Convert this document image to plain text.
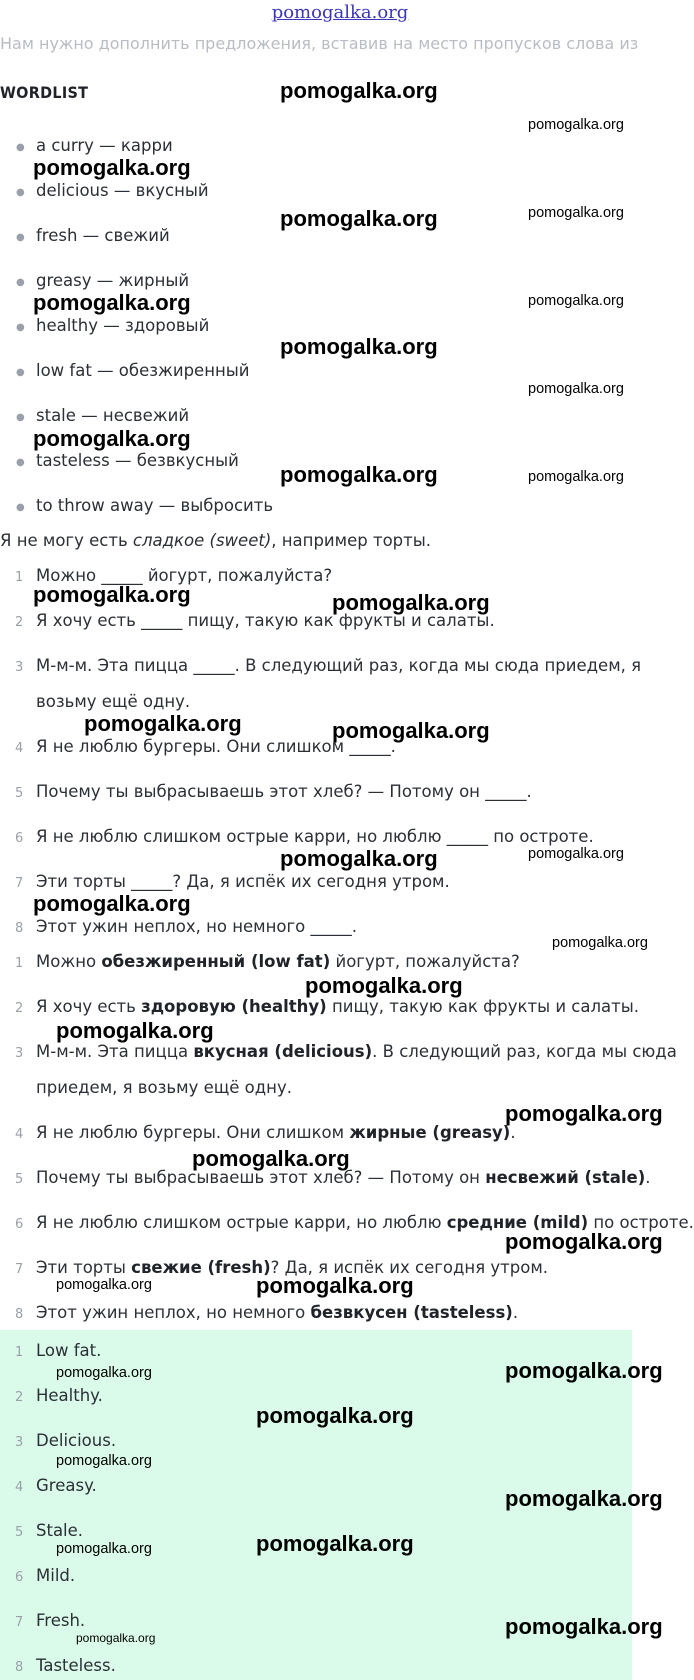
pomogalka.org
Нам нужно дополнить предложения, вставив на место пропусков слова из
WORDLIST
● a curry — карри
● delicious — вкусный
● fresh — свежий
● greasy — жирный
● healthy — здоровый
● low fat — обезжиренный
● stale — несвежий
● tasteless — безвкусный
● to throw away — выбросить
Я не могу есть сладкое (sweet), например торты.
1 Можно _____ йогурт, пожалуйста?
2 Я хочу есть _____ пищу, такую как фрукты и салаты.
3 М-м-м. Эта пицца _____. В следующий раз, когда мы сюда приедем, я
возьму ещё одну.
4 Я не люблю бургеры. Они слишком _____.
5 Почему ты выбрасываешь этот хлеб? — Потому он _____.
6 Я не люблю слишком острые карри, но люблю _____ по остроте.
7 Эти торты _____? Да, я испёк их сегодня утром.
8 Этот ужин неплох, но немного _____.
1 Можно обезжиренный (low fat) йогурт, пожалуйста?
2 Я хочу есть здоровую (healthy) пищу, такую как фрукты и салаты.
3 М-м-м. Эта пицца вкусная (delicious). В следующий раз, когда мы сюда
приедем, я возьму ещё одну.
4 Я не люблю бургеры. Они слишком жирные (greasy).
5 Почему ты выбрасываешь этот хлеб? — Потому он несвежий (stale).
6 Я не люблю слишком острые карри, но люблю средние (mild) по остроте.
7 Эти торты свежие (fresh)? Да, я испёк их сегодня утром.
8 Этот ужин неплох, но немного безвкусен (tasteless).
1 Low fat.
2 Healthy.
3 Delicious.
4 Greasy.
5 Stale.
6 Mild.
7 Fresh.
8 Tasteless.
pomogalka.org
pomogalka.org
pomogalka.org
pomogalka.org	pomogalka.org
pomogalka.org	pomogalka.org
pomogalka.org
pomogalka.org
pomogalka.org
pomogalka.org	pomogalka.org
pomogalka.org	pomogalka.org
pomogalka.org	pomogalka.org
pomogalka.org	pomogalka.org
pomogalka.org
pomogalka.org
pomogalka.org
pomogalka.org
pomogalka.org
pomogalka.org
pomogalka.org
pomogalka.org
pomogalka.org
pomogalka.org
pomogalka.org
pomogalka.org
pomogalka.org
pomogalka.org
pomogalka.org
pomogalka.org
pomogalka.org
pomogalka.org
